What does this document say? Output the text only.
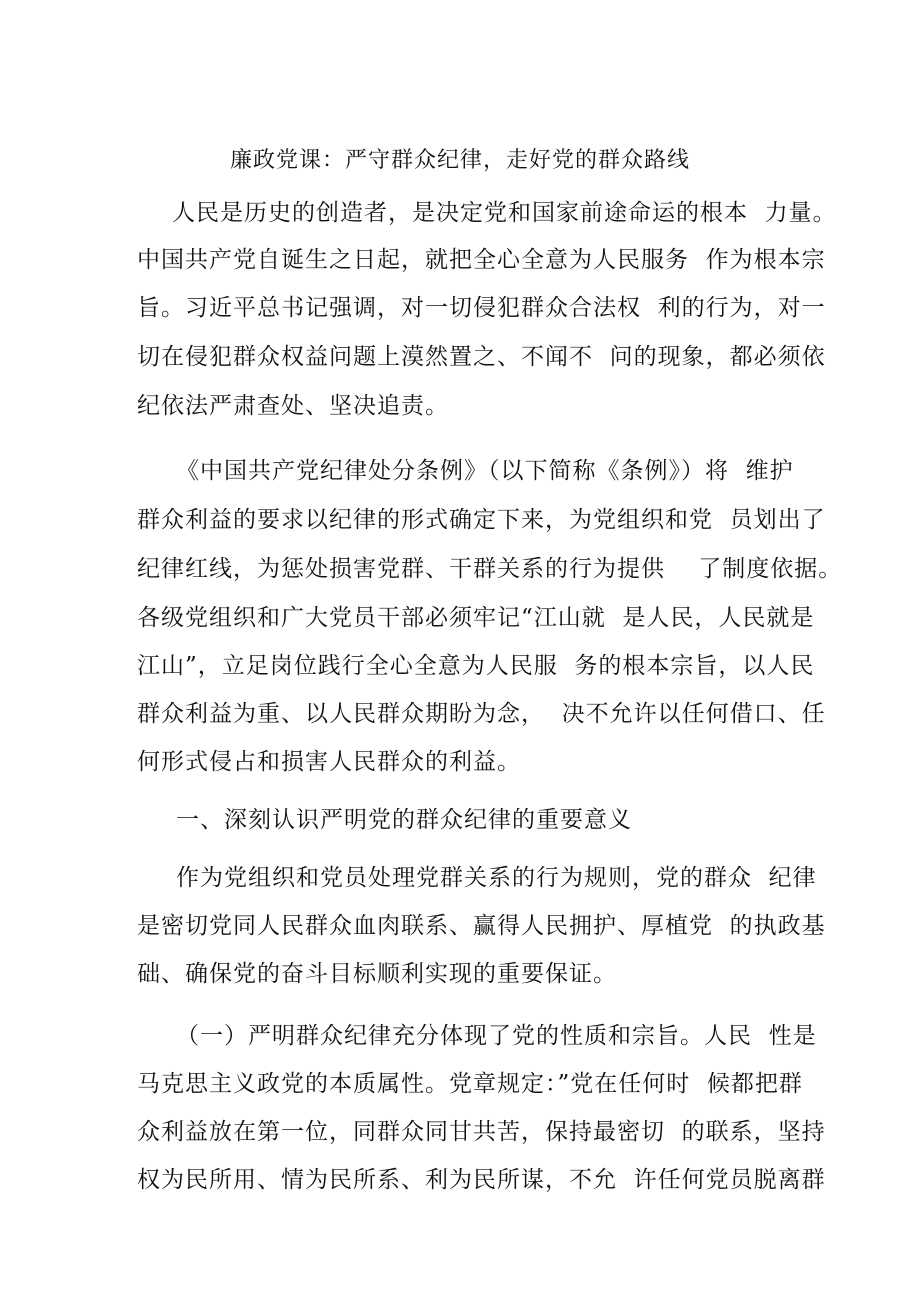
廉政党课：严守群众纪律，走好党的群众路线
人民是历史的创造者，是决定党和国家前途命运的根本  力量。
中国共产党自诞生之日起，就把全心全意为人民服务  作为根本宗
旨。习近平总书记强调，对一切侵犯群众合法权  利的行为，对一
切在侵犯群众权益问题上漠然置之、不闻不  问的现象，都必须依
纪依法严肃查处、坚决追责。
《中国共产党纪律处分条例》（以下简称《条例》）将  维护
群众利益的要求以纪律的形式确定下来，为党组织和党  员划出了
纪律红线，为惩处损害党群、干群关系的行为提供    了制度依据。
各级党组织和广大党员干部必须牢记“江山就  是人民，人民就是
江山”，立足岗位践行全心全意为人民服  务的根本宗旨，以人民
群众利益为重、以人民群众期盼为念，  决不允许以任何借口、任
何形式侵占和损害人民群众的利益。
一、深刻认识严明党的群众纪律的重要意义
作为党组织和党员处理党群关系的行为规则，党的群众  纪律
是密切党同人民群众血肉联系、赢得人民拥护、厚植党  的执政基
础、确保党的奋斗目标顺利实现的重要保证。
（一）严明群众纪律充分体现了党的性质和宗旨。人民  性是
马克思主义政党的本质属性。党章规定：”党在任何时  候都把群
众利益放在第一位，同群众同甘共苦，保持最密切  的联系，坚持
权为民所用、情为民所系、利为民所谋，不允  许任何党员脱离群
